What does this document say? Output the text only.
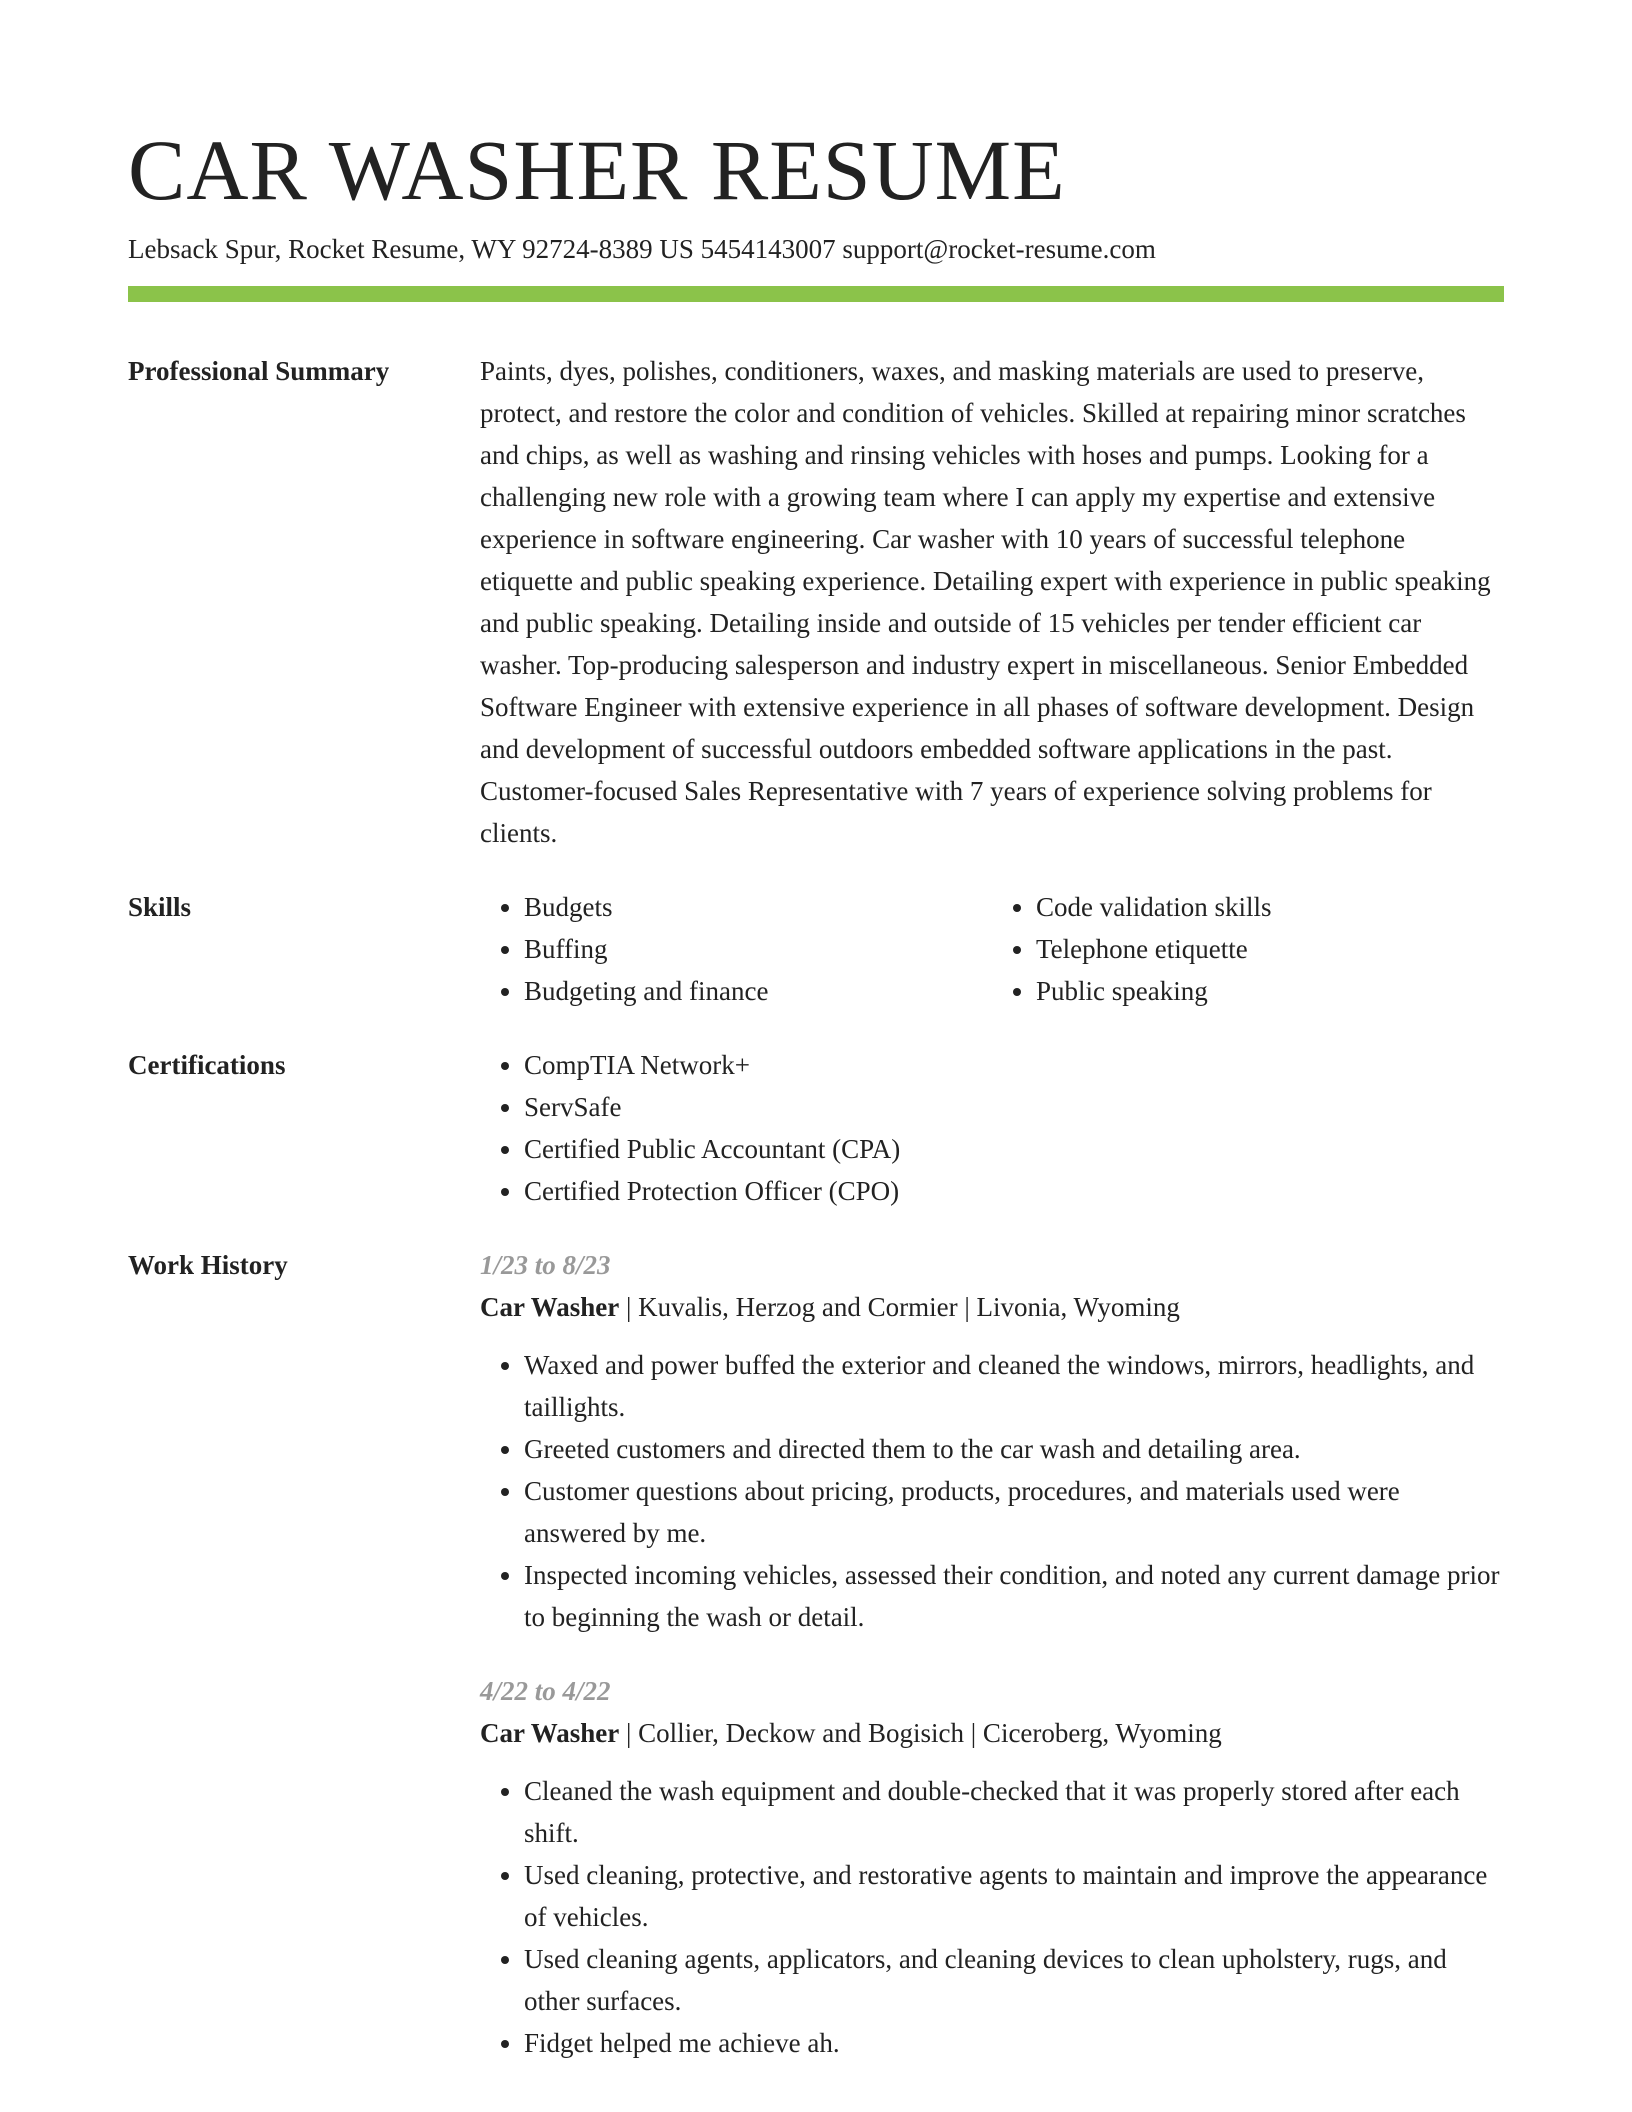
CAR WASHER RESUME
Lebsack Spur, Rocket Resume, WY 92724-8389 US 5454143007 support@rocket-resume.com
Professional Summary	Paints, dyes, polishes, conditioners, waxes, and masking materials are used to preserve, protect, and restore the color and condition of vehicles. Skilled at repairing minor scratches and chips, as well as washing and rinsing vehicles with hoses and pumps. Looking for a challenging new role with a growing team where I can apply my expertise and extensive experience in software engineering. Car washer with 10 years of successful telephone etiquette and public speaking experience. Detailing expert with experience in public speaking and public speaking. Detailing inside and outside of 15 vehicles per tender efficient car washer. Top-producing salesperson and industry expert in miscellaneous. Senior Embedded Software Engineer with extensive experience in all phases of software development. Design and development of successful outdoors embedded software applications in the past. Customer-focused Sales Representative with 7 years of experience solving problems for clients.

Skills	• Budgets
• Buffing
• Budgeting and finance
• Code validation skills
• Telephone etiquette
• Public speaking
Certifications	• CompTIA Network+
• ServSafe
• Certified Public Accountant (CPA)
• Certified Protection Officer (CPO)
Work History	1/23 to 8/23
Car Washer | Kuvalis, Herzog and Cormier | Livonia, Wyoming
• Waxed and power buffed the exterior and cleaned the windows, mirrors, headlights, and taillights.
• Greeted customers and directed them to the car wash and detailing area.
• Customer questions about pricing, products, procedures, and materials used were answered by me.
• Inspected incoming vehicles, assessed their condition, and noted any current damage prior to beginning the wash or detail.
4/22 to 4/22
Car Washer | Collier, Deckow and Bogisich | Ciceroberg, Wyoming
• Cleaned the wash equipment and double-checked that it was properly stored after each shift.
• Used cleaning, protective, and restorative agents to maintain and improve the appearance of vehicles.
• Used cleaning agents, applicators, and cleaning devices to clean upholstery, rugs, and other surfaces.
• Fidget helped me achieve ah.
